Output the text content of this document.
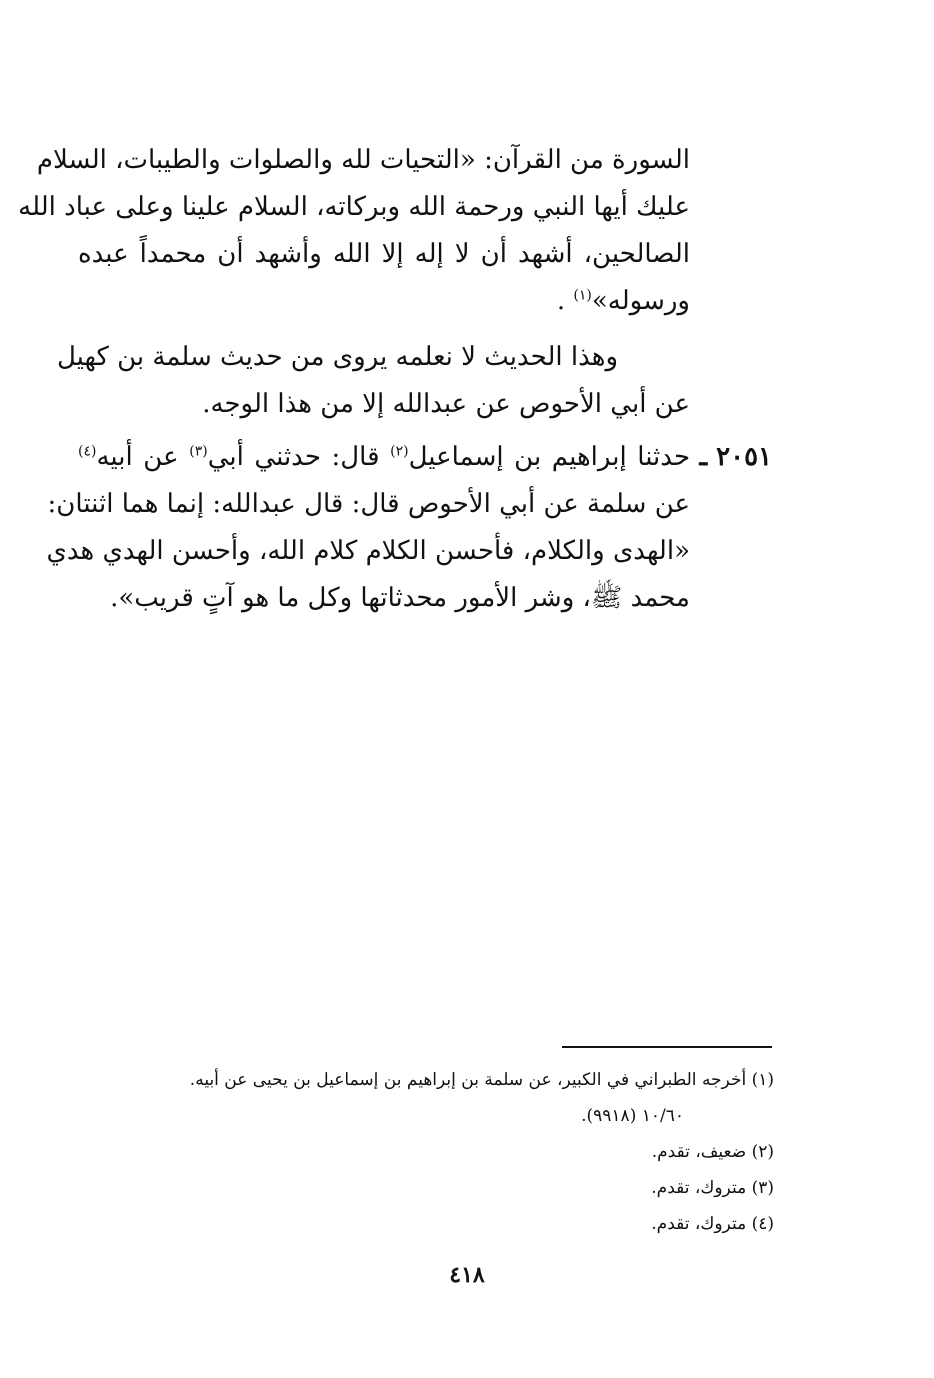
السورة من القرآن: «التحيات لله والصلوات والطيبات، السلام
عليك أيها النبي ورحمة الله وبركاته، السلام علينا وعلى عباد الله
الصالحين، أشهد أن لا إله إلا الله وأشهد أن محمداً عبده
ورسوله»$^{(١)}$ .
وهذا الحديث لا نعلمه يروى من حديث سلمة بن كهيل
عن أبي الأحوص عن عبدالله إلا من هذا الوجه.
٢٠٥١ ـ
حدثنا إبراهيم بن إسماعيل$^{(٢)}$ قال: حدثني أبي$^{(٣)}$ عن أبيه$^{(٤)}$
عن سلمة عن أبي الأحوص قال: قال عبدالله: إنما هما اثنتان:
«الهدى والكلام، فأحسن الكلام كلام الله، وأحسن الهدي هدي
محمد ﷺ، وشر الأمور محدثاتها وكل ما هو آتٍ قريب».
(١) أخرجه الطبراني في الكبير، عن سلمة بن إبراهيم بن إسماعيل بن يحيى عن أبيه.
١٠/٦٠ (٩٩١٨).
(٢) ضعيف، تقدم.
(٣) متروك، تقدم.
(٤) متروك، تقدم.
٤١٨
